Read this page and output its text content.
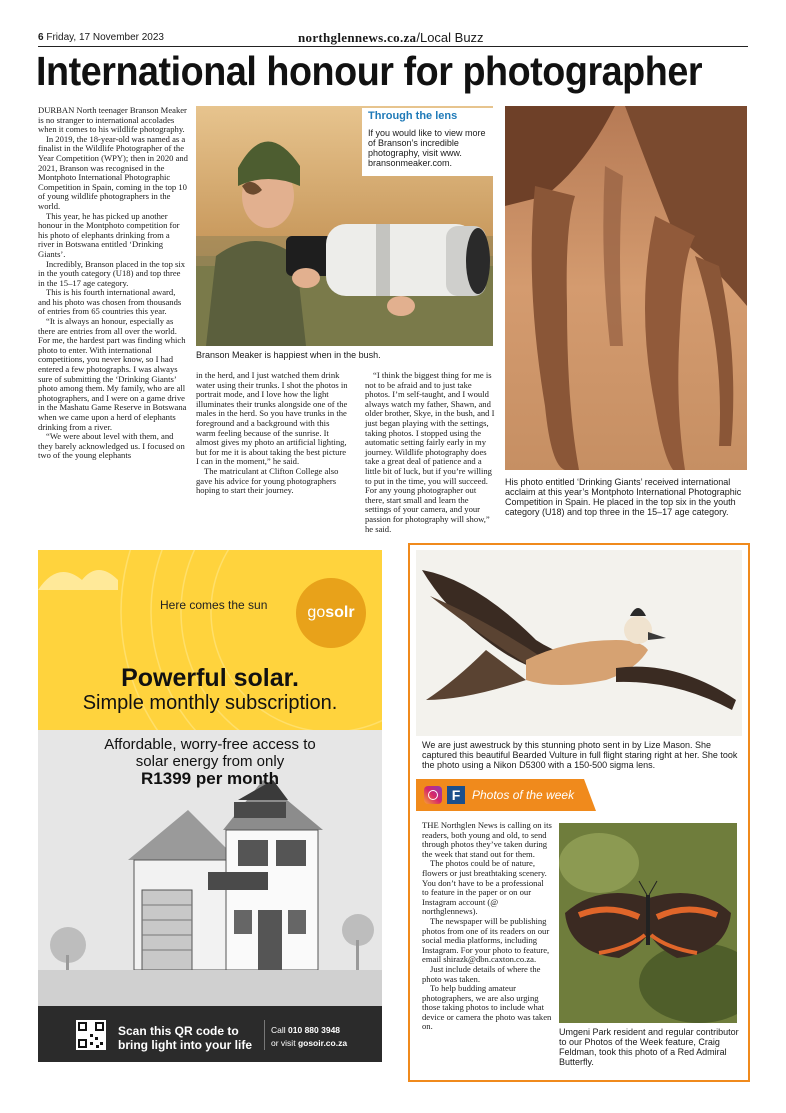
6 Friday, 17 November 2023	northglennews.co.za/Local Buzz
International honour for photographer

DURBAN North teenager Branson Meaker is no stranger to international accolades when it comes to his wildlife photography.

In 2019, the 18-year-old was named as a finalist in the Wildlife Photographer of the Year Competition (WPY); then in 2020 and 2021, Branson was recognised in the Montphoto International Photographic Competition in Spain, coming in the top 10 of young wildlife photographers in the world.

This year, he has picked up another honour in the Montphoto competition for his photo of elephants drinking from a river in Botswana entitled ‘Drinking Giants’.

Incredibly, Branson placed in the top six in the youth category (U18) and top three in the 15–17 age category.

This is his fourth international award, and his photo was chosen from thousands of entries from 65 countries this year.

“It is always an honour, especially as there are entries from all over the world. For me, the hardest part was finding which photo to enter. With international competitions, you never know, so I had entered a few photographs. I was always sure of submitting the ‘Drinking Giants’ photo among them. My family, who are all photographers, and I were on a game drive in the Mashatu Game Reserve in Botswana when we came upon a herd of elephants drinking from a river.

“We were about level with them, and they barely acknowledged us. I focused on two of the young elephants

Through the lens
If you would like to view more of Branson’s incredible photography, visit www. bransonmeaker.com.
Branson Meaker is happiest when in the bush.

in the herd, and I just watched them drink water using their trunks. I shot the photos in portrait mode, and I love how the light illuminates their trunks alongside one of the males in the herd. So you have trunks in the foreground and a background with this warm feeling because of the sunrise. It almost gives my photo an artificial lighting, but for me it is about taking the best picture I can in the moment,” he said.

The matriculant at Clifton College also gave his advice for young photographers hoping to start their journey.

“I think the biggest thing for me is not to be afraid and to just take photos. I’m self-taught, and I would always watch my father, Shawn, and older brother, Skye, in the bush, and I just began playing with the settings, taking photos. I stopped using the automatic setting fairly early in my journey. Wildlife photography does take a great deal of patience and a little bit of luck, but if you’re willing to put in the time, you will succeed. For any young photographer out there, start small and learn the settings of your camera, and your passion for photography will show,” he said.

His photo entitled ‘Drinking Giants’ received international acclaim at this year’s Montphoto International Photographic Competition in Spain. He placed in the top six in the youth category (U18) and top three in the 15–17 age category.
Here comes the sun	gosolr
Powerful solar.
Simple monthly subscription.
Affordable, worry-free access to
solar energy from only
R1399 per month
Scan this QR code to
bring light into your life
Call 010 880 3948
or visit gosoir.co.za
We are just awestruck by this stunning photo sent in by Lize Mason. She captured this beautiful Bearded Vulture in full flight staring right at her. She took the photo using a Nikon D5300 with a 150-500 sigma lens.
F Photos of the week

THE Northglen News is calling on its readers, both young and old, to send through photos they’ve taken during the week that stand out for them.

The photos could be of nature, flowers or just breathtaking scenery. You don’t have to be a professional to feature in the paper or on our Instagram account (@ northglennews).

The newspaper will be publishing photos from one of its readers on our social media platforms, including Instagram. For your photo to feature, email shirazk@dbn.caxton.co.za.

Just include details of where the photo was taken.

To help budding amateur photographers, we are also urging those taking photos to include what device or camera the photo was taken on.

Umgeni Park resident and regular contributor to our Photos of the Week feature, Craig Feldman, took this photo of a Red Admiral Butterfly.
